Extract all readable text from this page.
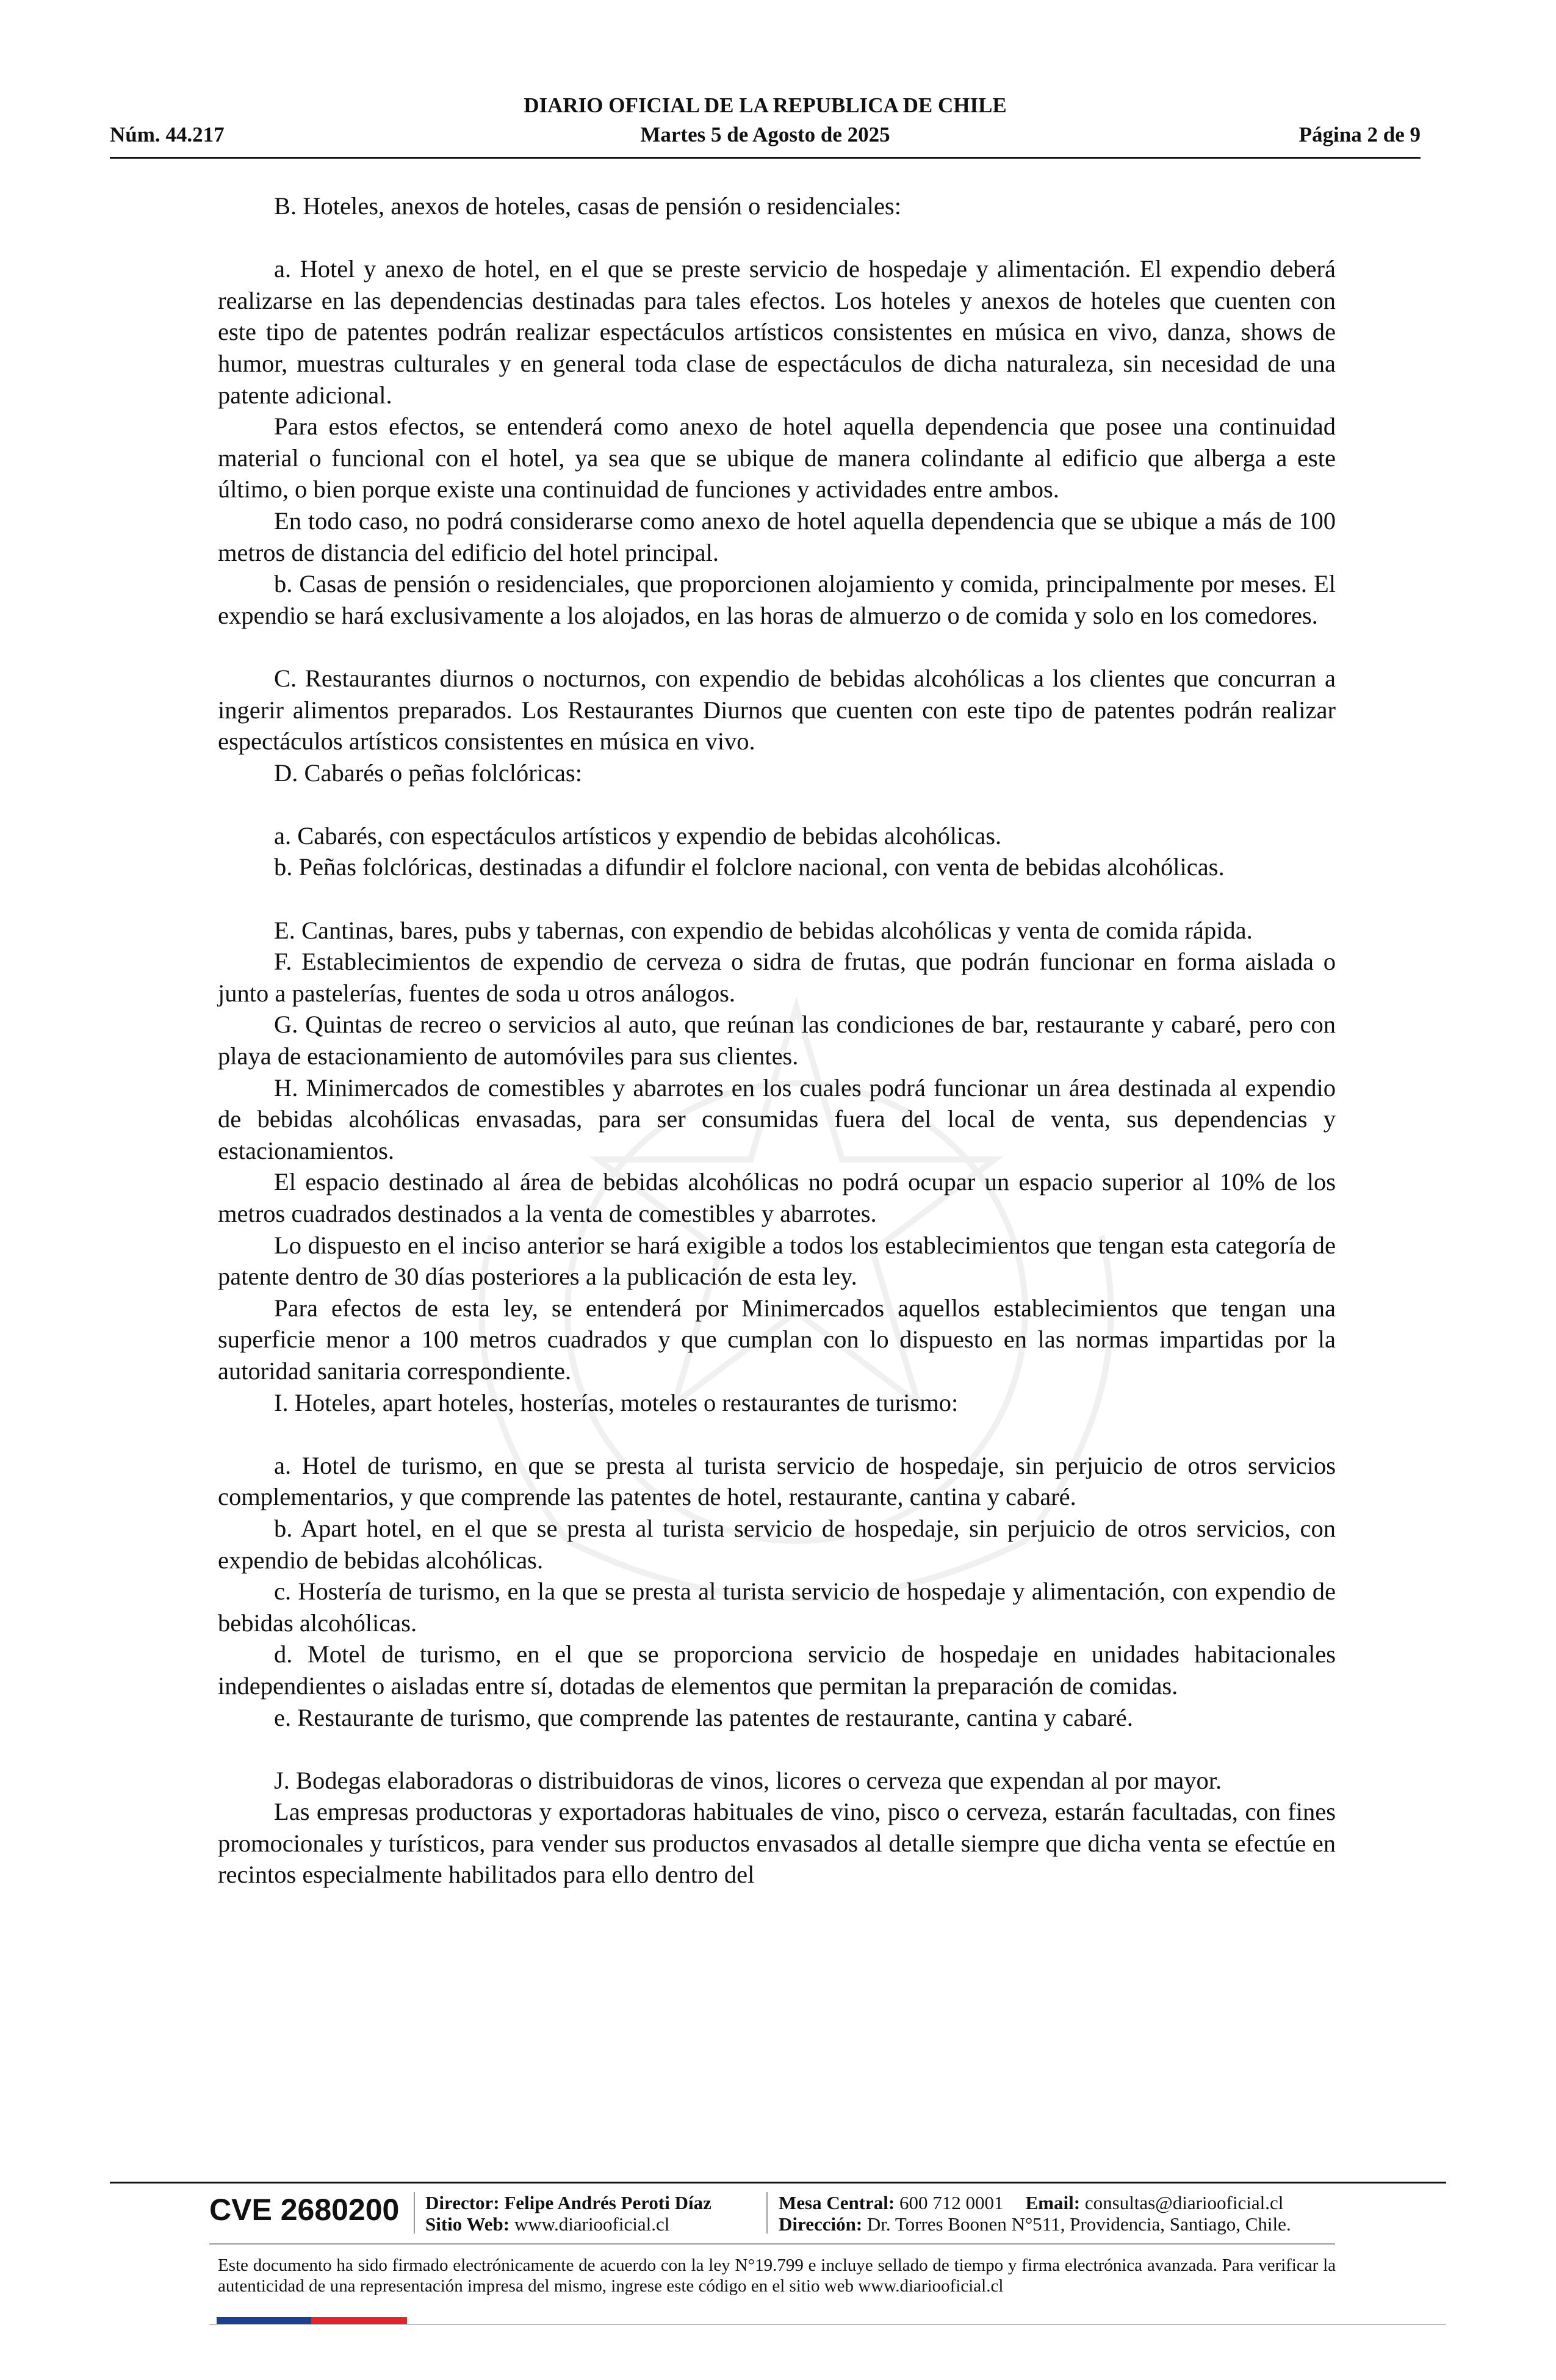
DIARIO OFICIAL DE LA REPUBLICA DE CHILE
Núm. 44.217	Martes 5 de Agosto de 2025	Página 2 de 9

B. Hoteles, anexos de hoteles, casas de pensión o residenciales:

a. Hotel y anexo de hotel, en el que se preste servicio de hospedaje y alimentación. El expendio deberá realizarse en las dependencias destinadas para tales efectos. Los hoteles y anexos de hoteles que cuenten con este tipo de patentes podrán realizar espectáculos artísticos consistentes en música en vivo, danza, shows de humor, muestras culturales y en general toda clase de espectáculos de dicha naturaleza, sin necesidad de una patente adicional.

Para estos efectos, se entenderá como anexo de hotel aquella dependencia que posee una continuidad material o funcional con el hotel, ya sea que se ubique de manera colindante al edificio que alberga a este último, o bien porque existe una continuidad de funciones y actividades entre ambos.

En todo caso, no podrá considerarse como anexo de hotel aquella dependencia que se ubique a más de 100 metros de distancia del edificio del hotel principal.

b. Casas de pensión o residenciales, que proporcionen alojamiento y comida, principalmente por meses. El expendio se hará exclusivamente a los alojados, en las horas de almuerzo o de comida y solo en los comedores.

C. Restaurantes diurnos o nocturnos, con expendio de bebidas alcohólicas a los clientes que concurran a ingerir alimentos preparados. Los Restaurantes Diurnos que cuenten con este tipo de patentes podrán realizar espectáculos artísticos consistentes en música en vivo.

D. Cabarés o peñas folclóricas:

a. Cabarés, con espectáculos artísticos y expendio de bebidas alcohólicas.

b. Peñas folclóricas, destinadas a difundir el folclore nacional, con venta de bebidas alcohólicas.

E. Cantinas, bares, pubs y tabernas, con expendio de bebidas alcohólicas y venta de comida rápida.

F. Establecimientos de expendio de cerveza o sidra de frutas, que podrán funcionar en forma aislada o junto a pastelerías, fuentes de soda u otros análogos.

G. Quintas de recreo o servicios al auto, que reúnan las condiciones de bar, restaurante y cabaré, pero con playa de estacionamiento de automóviles para sus clientes.

H. Minimercados de comestibles y abarrotes en los cuales podrá funcionar un área destinada al expendio de bebidas alcohólicas envasadas, para ser consumidas fuera del local de venta, sus dependencias y estacionamientos.

El espacio destinado al área de bebidas alcohólicas no podrá ocupar un espacio superior al 10% de los metros cuadrados destinados a la venta de comestibles y abarrotes.

Lo dispuesto en el inciso anterior se hará exigible a todos los establecimientos que tengan esta categoría de patente dentro de 30 días posteriores a la publicación de esta ley.

Para efectos de esta ley, se entenderá por Minimercados aquellos establecimientos que tengan una superficie menor a 100 metros cuadrados y que cumplan con lo dispuesto en las normas impartidas por la autoridad sanitaria correspondiente.

I. Hoteles, apart hoteles, hosterías, moteles o restaurantes de turismo:

a. Hotel de turismo, en que se presta al turista servicio de hospedaje, sin perjuicio de otros servicios complementarios, y que comprende las patentes de hotel, restaurante, cantina y cabaré.

b. Apart hotel, en el que se presta al turista servicio de hospedaje, sin perjuicio de otros servicios, con expendio de bebidas alcohólicas.

c. Hostería de turismo, en la que se presta al turista servicio de hospedaje y alimentación, con expendio de bebidas alcohólicas.

d. Motel de turismo, en el que se proporciona servicio de hospedaje en unidades habitacionales independientes o aisladas entre sí, dotadas de elementos que permitan la preparación de comidas.

e. Restaurante de turismo, que comprende las patentes de restaurante, cantina y cabaré.

J. Bodegas elaboradoras o distribuidoras de vinos, licores o cerveza que expendan al por mayor.

Las empresas productoras y exportadoras habituales de vino, pisco o cerveza, estarán facultadas, con fines promocionales y turísticos, para vender sus productos envasados al detalle siempre que dicha venta se efectúe en recintos especialmente habilitados para ello dentro del

CVE 2680200 Director: Felipe Andrés Peroti Díaz
Sitio Web: www.diariooficial.cl
Mesa Central: 600 712 0001 Email: consultas@diariooficial.cl
Dirección: Dr. Torres Boonen N°511, Providencia, Santiago, Chile.
Este documento ha sido firmado electrónicamente de acuerdo con la ley N°19.799 e incluye sellado de tiempo y firma electrónica avanzada. Para verificar la autenticidad de una representación impresa del mismo, ingrese este código en el sitio web www.diariooficial.cl
